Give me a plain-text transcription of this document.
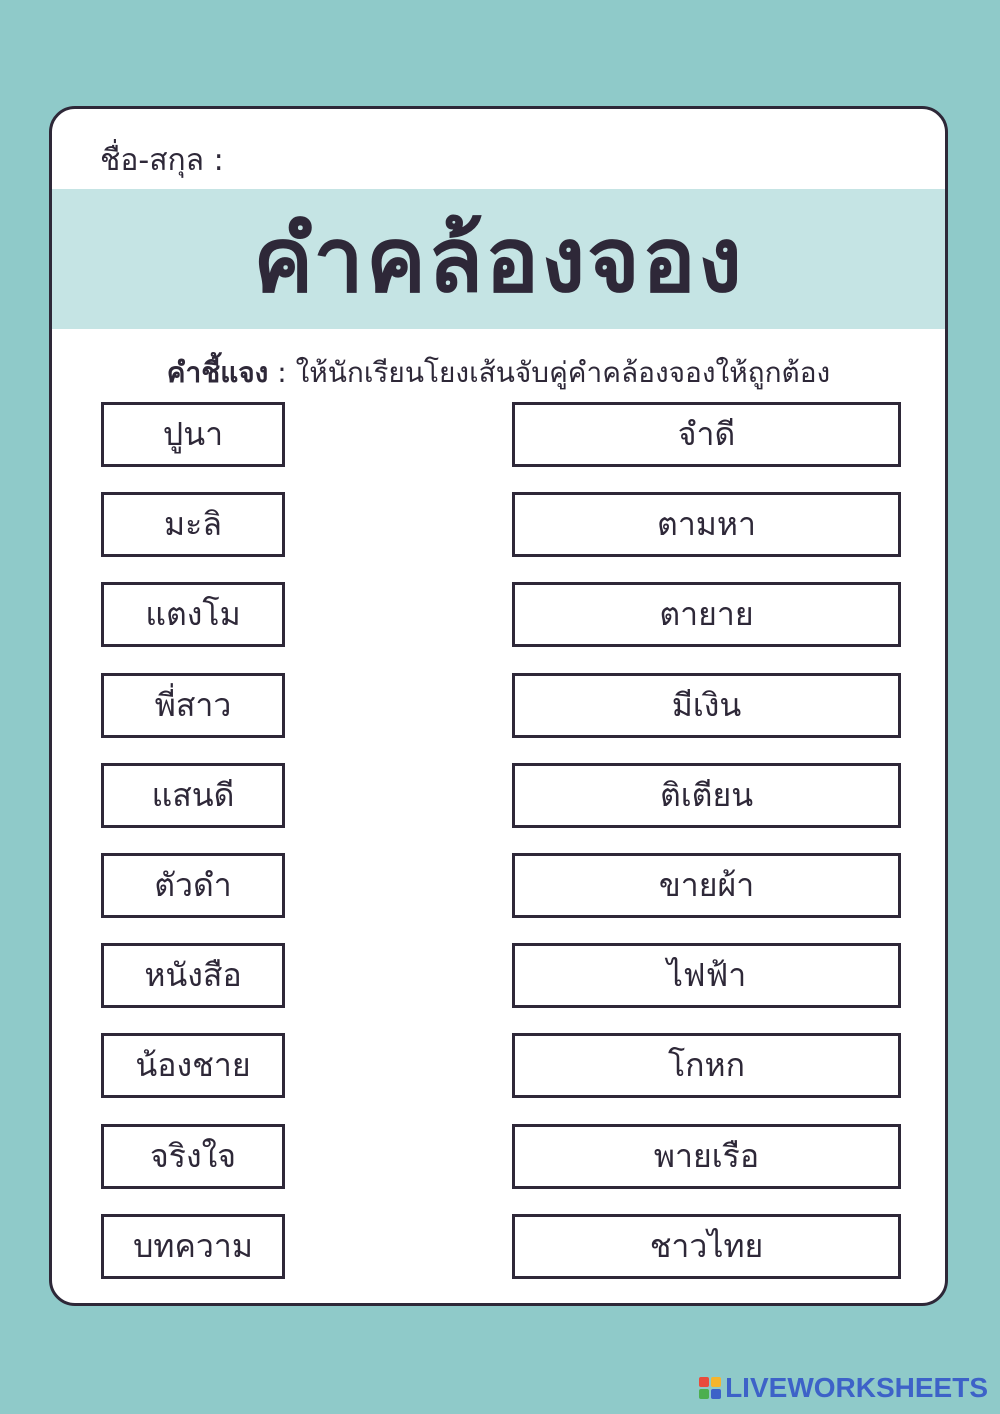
ชื่อ-สกุล :
คำคล้องจอง
คำชี้แจง : ให้นักเรียนโยงเส้นจับคู่คำคล้องจองให้ถูกต้อง
ปูนา
มะลิ
แตงโม
พี่สาว
แสนดี
ตัวดำ
หนังสือ
น้องชาย
จริงใจ
บทความ
จำดี
ตามหา
ตายาย
มีเงิน
ติเตียน
ขายผ้า
ไฟฟ้า
โกหก
พายเรือ
ชาวไทย
LIVEWORKSHEETS
